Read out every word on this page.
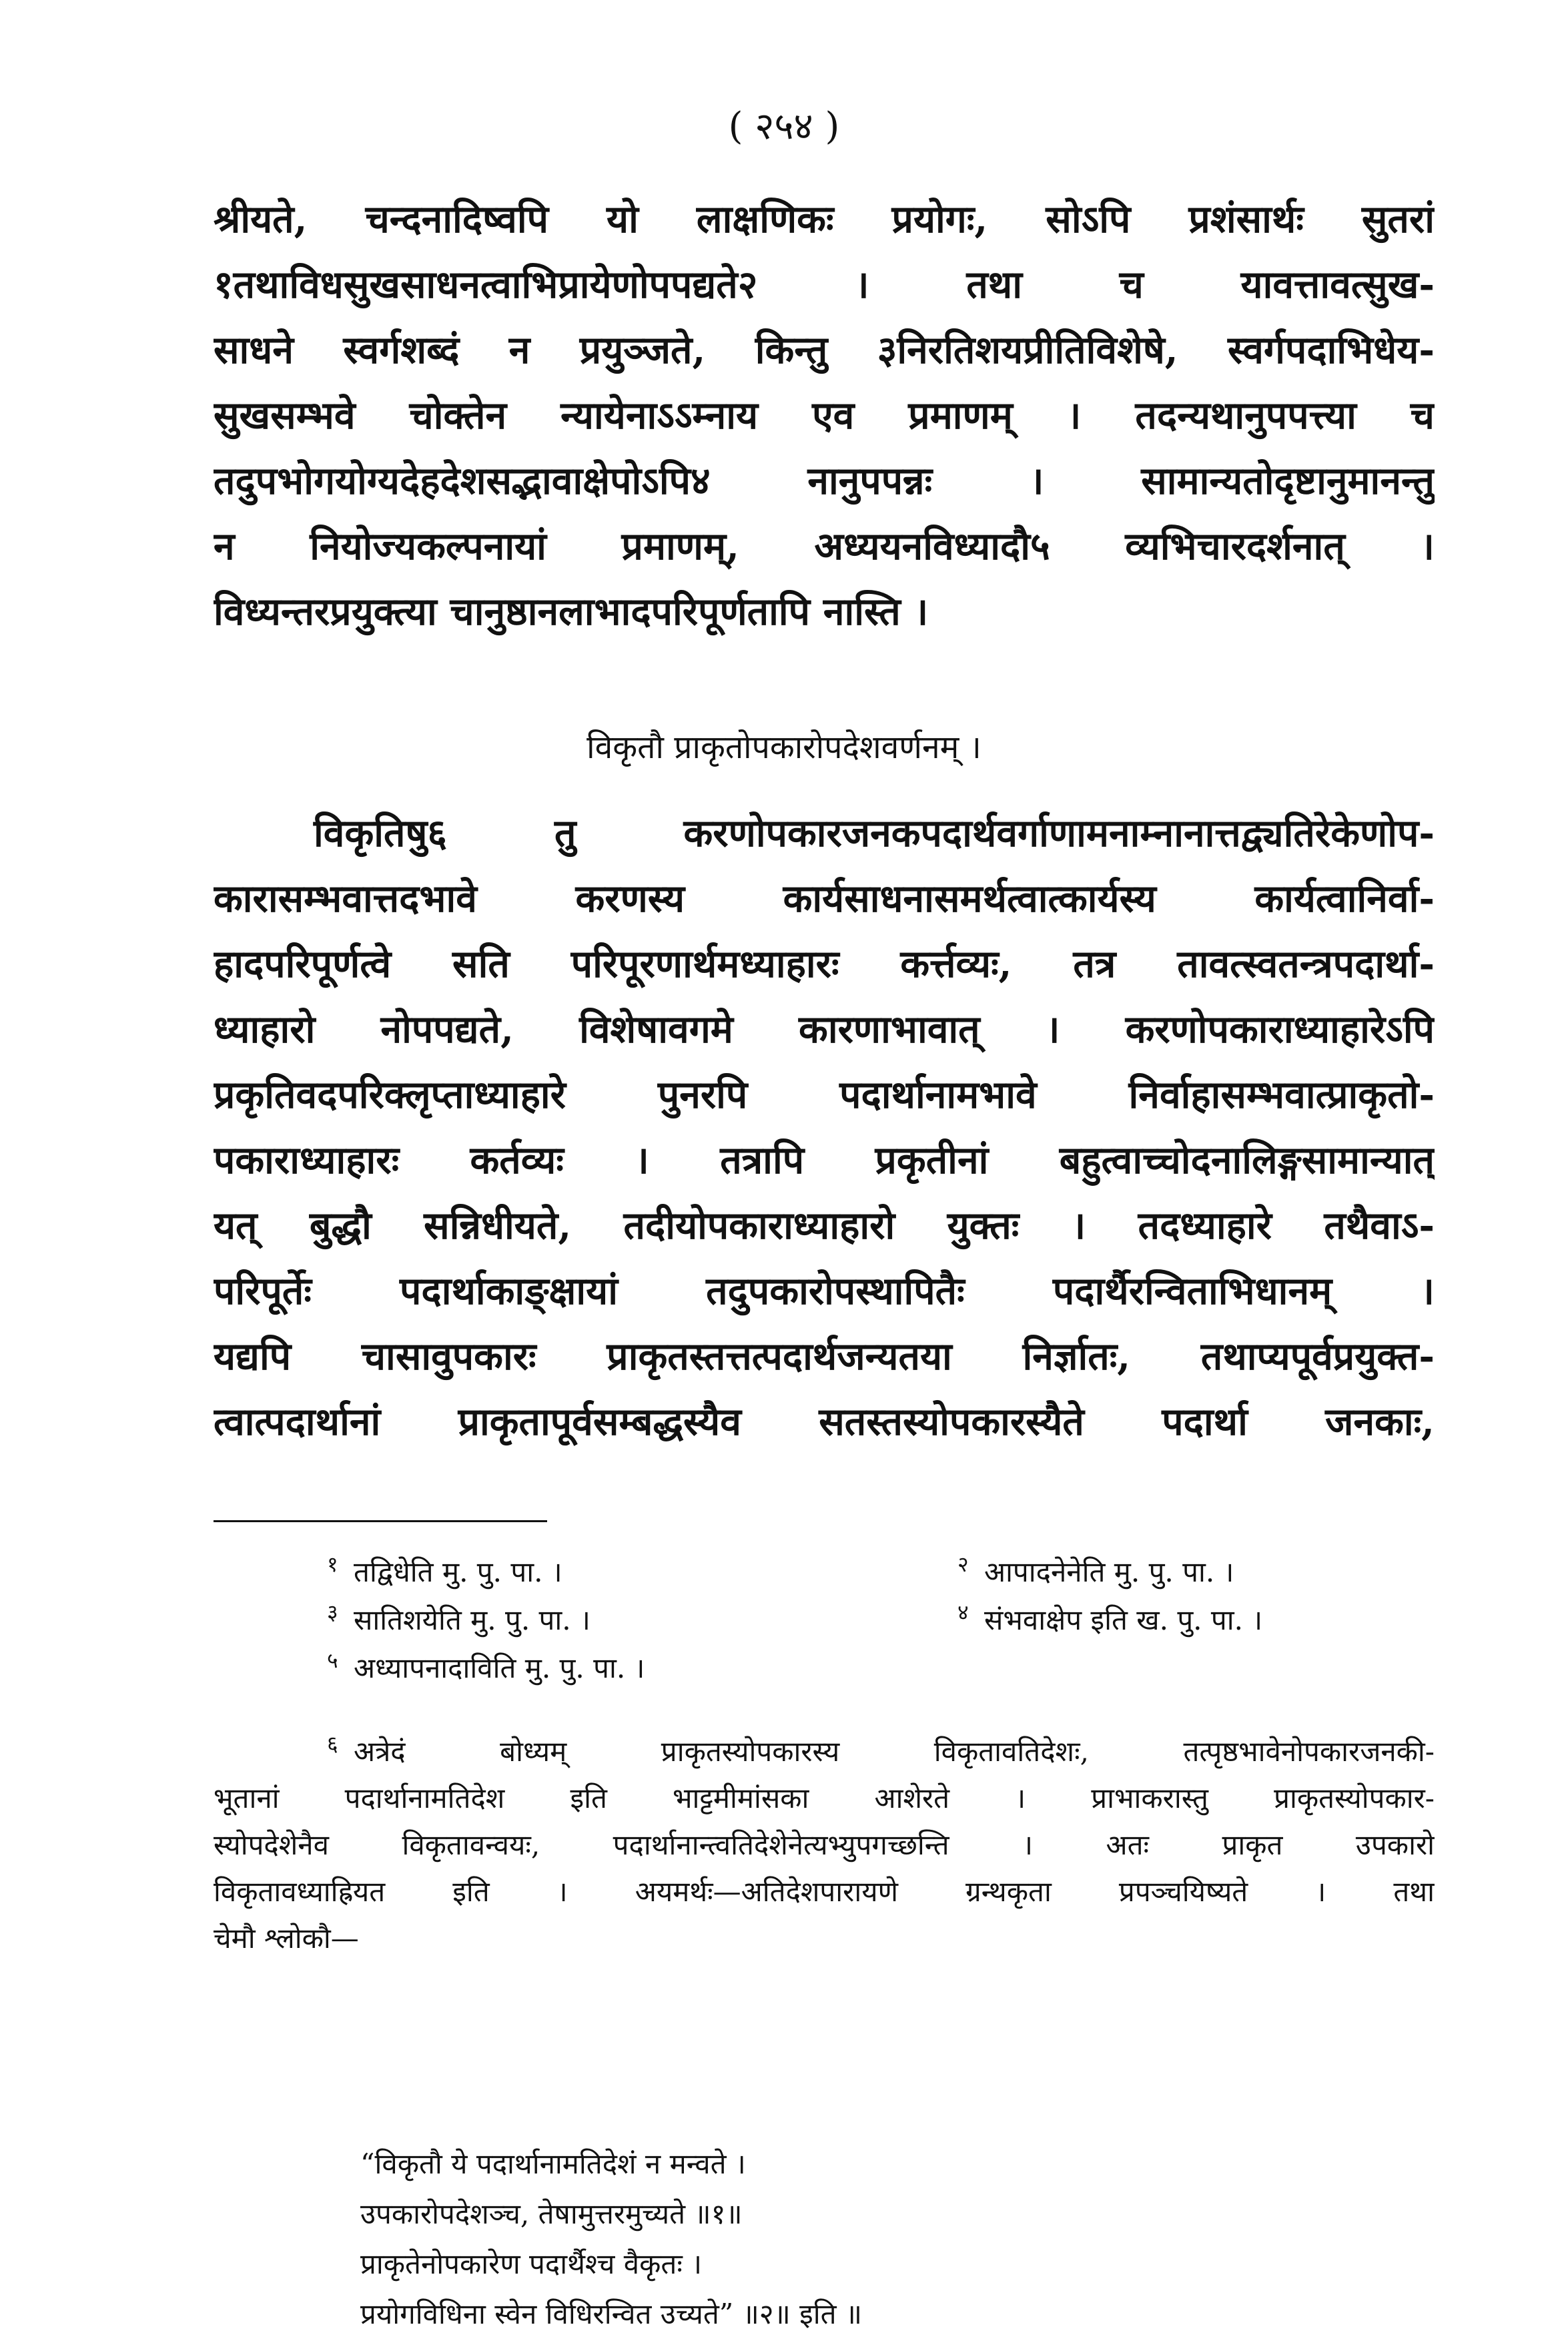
( २५४ )
श्रीयते, चन्दनादिष्वपि यो लाक्षणिकः प्रयोगः, सोऽपि प्रशंसार्थः सुतरां
१तथाविधसुखसाधनत्वाभिप्रायेणोपपद्यते२ । तथा च यावत्तावत्सुख-
साधने स्वर्गशब्दं न प्रयुञ्जते, किन्तु ३निरतिशयप्रीतिविशेषे, स्वर्गपदाभिधेय-
सुखसम्भवे चोक्तेन न्यायेनाऽऽम्नाय एव प्रमाणम् । तदन्यथानुपपत्त्या च
तदुपभोगयोग्यदेहदेशसद्भावाक्षेपोऽपि४ नानुपपन्नः । सामान्यतोदृष्टानुमानन्तु
न नियोज्यकल्पनायां प्रमाणम्, अध्ययनविध्यादौ५ व्यभिचारदर्शनात् ।
विध्यन्तरप्रयुक्त्या चानुष्ठानलाभादपरिपूर्णतापि नास्ति ।
विकृतौ प्राकृतोपकारोपदेशवर्णनम् ।
विकृतिषु६ तु करणोपकारजनकपदार्थवर्गाणामनाम्नानात्तद्व्यतिरेकेणोप-
कारासम्भवात्तदभावे करणस्य कार्यसाधनासमर्थत्वात्कार्यस्य कार्यत्वानिर्वा-
हादपरिपूर्णत्वे सति परिपूरणार्थमध्याहारः कर्त्तव्यः, तत्र तावत्स्वतन्त्रपदार्था-
ध्याहारो नोपपद्यते, विशेषावगमे कारणाभावात् । करणोपकाराध्याहारेऽपि
प्रकृतिवदपरिक्लृप्ताध्याहारे पुनरपि पदार्थानामभावे निर्वाहासम्भवात्प्राकृतो-
पकाराध्याहारः कर्तव्यः । तत्रापि प्रकृतीनां बहुत्वाच्चोदनालिङ्गसामान्यात्
यत् बुद्धौ सन्निधीयते, तदीयोपकाराध्याहारो युक्तः । तदध्याहारे तथैवाऽ-
परिपूर्तेः पदार्थाकाङ्क्षायां तदुपकारोपस्थापितैः पदार्थैरन्विताभिधानम् ।
यद्यपि चासावुपकारः प्राकृतस्तत्तत्पदार्थजन्यतया निर्ज्ञातः, तथाप्यपूर्वप्रयुक्त-
त्वात्पदार्थानां प्राकृतापूर्वसम्बद्धस्यैव सतस्तस्योपकारस्यैते पदार्था जनकाः,
१ तद्विधेति मु. पु. पा. ।	२ आपादनेनेति मु. पु. पा. ।
३ सातिशयेति मु. पु. पा. ।	४ संभवाक्षेप इति ख. पु. पा. ।
५ अध्यापनादाविति मु. पु. पा. ।
६ अत्रेदं बोध्यम् प्राकृतस्योपकारस्य विकृतावतिदेशः, तत्पृष्ठभावेनोपकारजनकी-
भूतानां पदार्थानामतिदेश इति भाट्टमीमांसका आशेरते । प्राभाकरास्तु प्राकृतस्योपकार-
स्योपदेशेनैव विकृतावन्वयः, पदार्थानान्त्वतिदेशेनेत्यभ्युपगच्छन्ति । अतः प्राकृत उपकारो
विकृतावध्याह्रियत इति । अयमर्थः—अतिदेशपारायणे ग्रन्थकृता प्रपञ्चयिष्यते । तथा
चेमौ श्लोकौ—
“विकृतौ ये पदार्थानामतिदेशं न मन्वते ।
उपकारोपदेशञ्च, तेषामुत्तरमुच्यते ॥१॥
प्राकृतेनोपकारेण पदार्थैश्च वैकृतः ।
प्रयोगविधिना स्वेन विधिरन्वित उच्यते” ॥२॥ इति ॥
